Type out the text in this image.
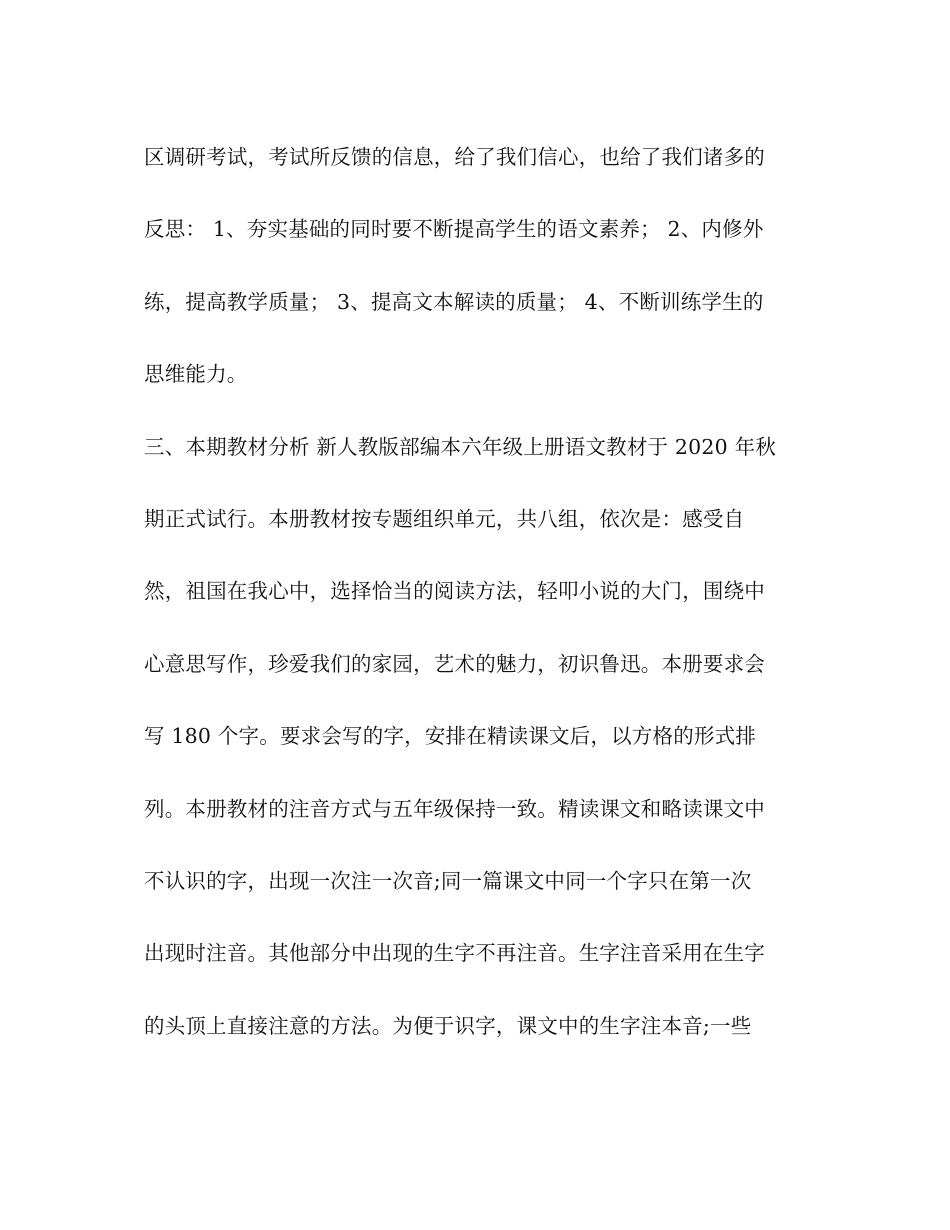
区调研考试，考试所反馈的信息，给了我们信心，也给了我们诸多的
反思： 1、夯实基础的同时要不断提高学生的语文素养； 2、内修外
练，提高教学质量； 3、提高文本解读的质量； 4、不断训练学生的
思维能力。
三、本期教材分析 新人教版部编本六年级上册语文教材于 2020 年秋
期正式试行。本册教材按专题组织单元，共八组，依次是：感受自
然，祖国在我心中，选择恰当的阅读方法，轻叩小说的大门，围绕中
心意思写作，珍爱我们的家园，艺术的魅力，初识鲁迅。本册要求会
写 180 个字。要求会写的字，安排在精读课文后，以方格的形式排
列。本册教材的注音方式与五年级保持一致。精读课文和略读课文中
不认识的字，出现一次注一次音;同一篇课文中同一个字只在第一次
出现时注音。其他部分中出现的生字不再注音。生字注音采用在生字
的头顶上直接注意的方法。为便于识字，课文中的生字注本音;一些
